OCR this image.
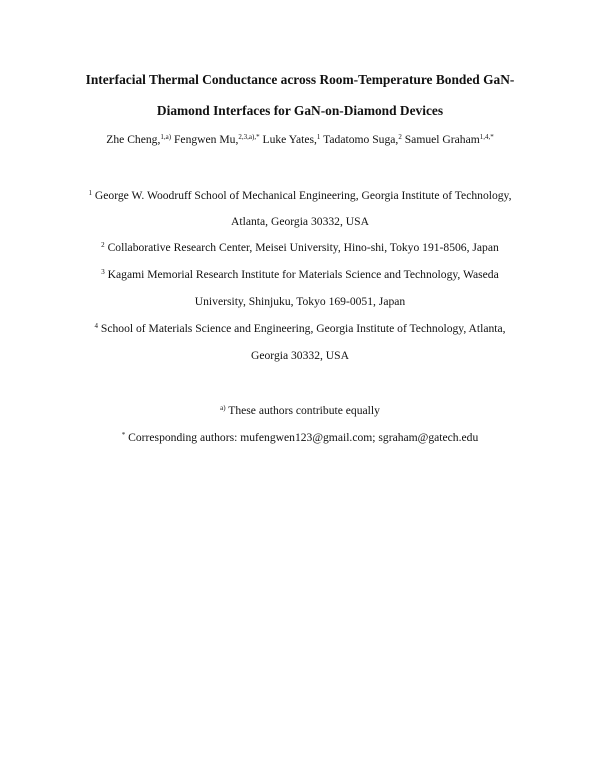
Interfacial Thermal Conductance across Room-Temperature Bonded GaN-
Diamond Interfaces for GaN-on-Diamond Devices
Zhe Cheng,$^{1,a)}$ Fengwen Mu,$^{2,3,a),*}$ Luke Yates,$^1$ Tadatomo Suga,$^2$ Samuel Graham$^{1,4,*}$
$^1$ George W. Woodruff School of Mechanical Engineering, Georgia Institute of Technology,
Atlanta, Georgia 30332, USA
$^2$ Collaborative Research Center, Meisei University, Hino-shi, Tokyo 191-8506, Japan
$^3$ Kagami Memorial Research Institute for Materials Science and Technology, Waseda
University, Shinjuku, Tokyo 169-0051, Japan
$^4$ School of Materials Science and Engineering, Georgia Institute of Technology, Atlanta,
Georgia 30332, USA
$^{a)}$ These authors contribute equally
* Corresponding authors: mufengwen123@gmail.com; sgraham@gatech.edu
